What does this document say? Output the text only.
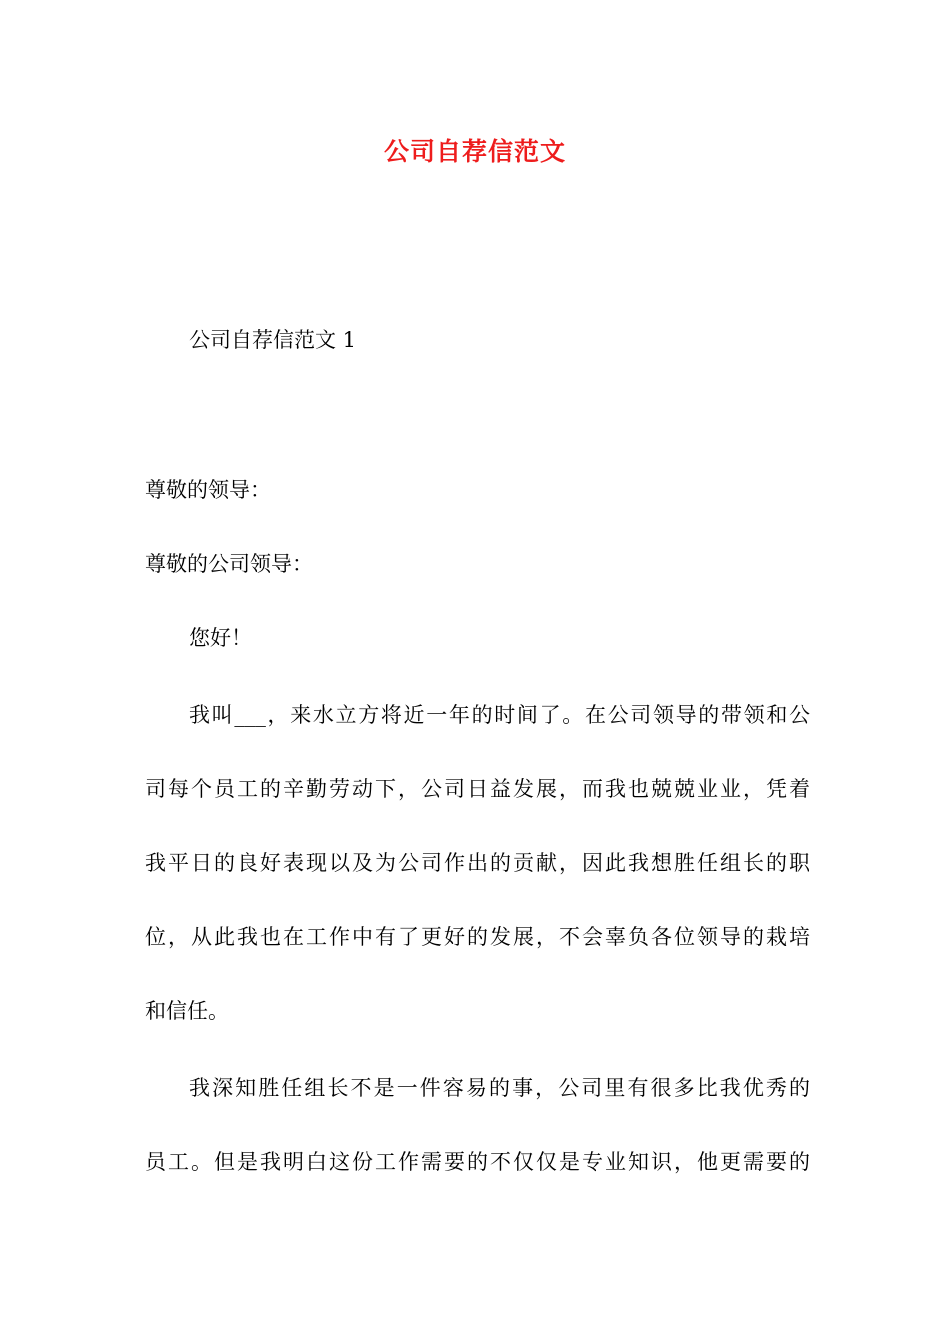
公司自荐信范文
公司自荐信范文 1
尊敬的领导：
尊敬的公司领导：
您好！
我叫___，来水立方将近一年的时间了。在公司领导的带领和公
司每个员工的辛勤劳动下，公司日益发展，而我也兢兢业业，凭着
我平日的良好表现以及为公司作出的贡献，因此我想胜任组长的职
位，从此我也在工作中有了更好的发展，不会辜负各位领导的栽培
和信任。
我深知胜任组长不是一件容易的事，公司里有很多比我优秀的
员工。但是我明白这份工作需要的不仅仅是专业知识，他更需要的
